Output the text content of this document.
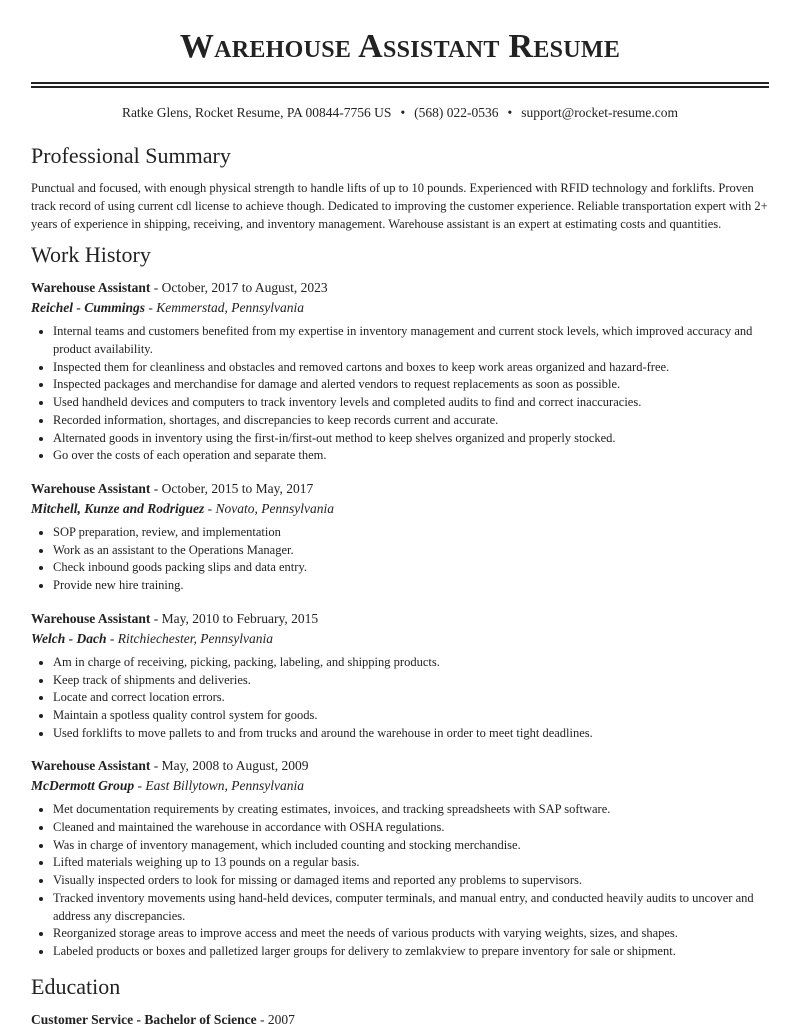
Warehouse Assistant Resume
Ratke Glens, Rocket Resume, PA 00844-7756 US • (568) 022-0536 • support@rocket-resume.com
Professional Summary

Punctual and focused, with enough physical strength to handle lifts of up to 10 pounds. Experienced with RFID technology and forklifts. Proven track record of using current cdl license to achieve though. Dedicated to improving the customer experience. Reliable transportation expert with 2+ years of experience in shipping, receiving, and inventory management. Warehouse assistant is an expert at estimating costs and quantities.

Work History
Warehouse Assistant - October, 2017 to August, 2023
Reichel - Cummings - Kemmerstad, Pennsylvania
• Internal teams and customers benefited from my expertise in inventory management and current stock levels, which improved accuracy and product availability.
• Inspected them for cleanliness and obstacles and removed cartons and boxes to keep work areas organized and hazard-free.
• Inspected packages and merchandise for damage and alerted vendors to request replacements as soon as possible.
• Used handheld devices and computers to track inventory levels and completed audits to find and correct inaccuracies.
• Recorded information, shortages, and discrepancies to keep records current and accurate.
• Alternated goods in inventory using the first-in/first-out method to keep shelves organized and properly stocked.
• Go over the costs of each operation and separate them.
Warehouse Assistant - October, 2015 to May, 2017
Mitchell, Kunze and Rodriguez - Novato, Pennsylvania
• SOP preparation, review, and implementation
• Work as an assistant to the Operations Manager.
• Check inbound goods packing slips and data entry.
• Provide new hire training.
Warehouse Assistant - May, 2010 to February, 2015
Welch - Dach - Ritchiechester, Pennsylvania
• Am in charge of receiving, picking, packing, labeling, and shipping products.
• Keep track of shipments and deliveries.
• Locate and correct location errors.
• Maintain a spotless quality control system for goods.
• Used forklifts to move pallets to and from trucks and around the warehouse in order to meet tight deadlines.
Warehouse Assistant - May, 2008 to August, 2009
McDermott Group - East Billytown, Pennsylvania
• Met documentation requirements by creating estimates, invoices, and tracking spreadsheets with SAP software.
• Cleaned and maintained the warehouse in accordance with OSHA regulations.
• Was in charge of inventory management, which included counting and stocking merchandise.
• Lifted materials weighing up to 13 pounds on a regular basis.
• Visually inspected orders to look for missing or damaged items and reported any problems to supervisors.
• Tracked inventory movements using hand-held devices, computer terminals, and manual entry, and conducted heavily audits to uncover and address any discrepancies.
• Reorganized storage areas to improve access and meet the needs of various products with varying weights, sizes, and shapes.
• Labeled products or boxes and palletized larger groups for delivery to zemlakview to prepare inventory for sale or shipment.
Education
Customer Service - Bachelor of Science - 2007
